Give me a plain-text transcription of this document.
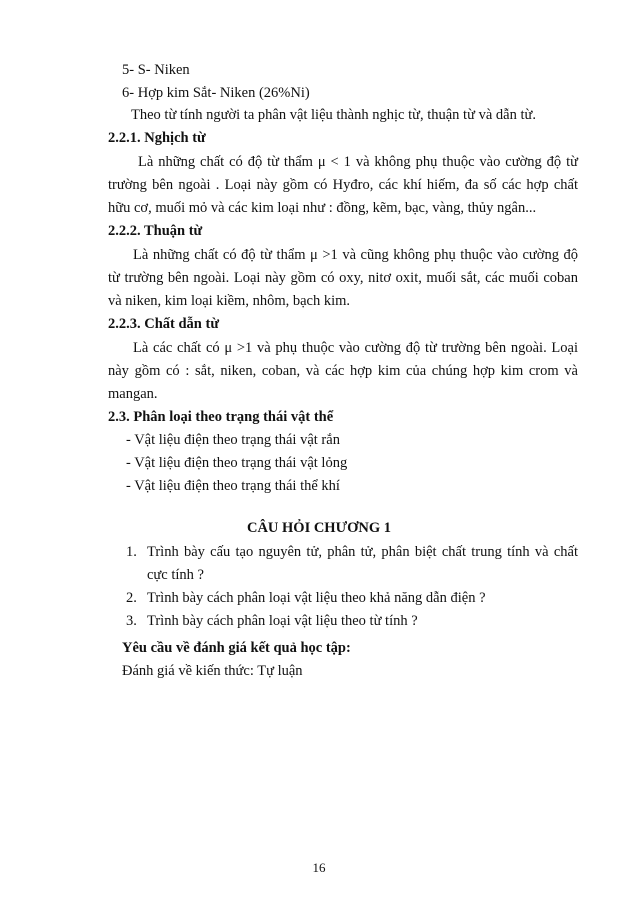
5- S- Niken
6- Hợp kim Sắt- Niken (26%Ni)
Theo từ tính người ta phân vật liệu thành nghịc từ, thuận từ và dẫn từ.
2.2.1. Nghịch từ
Là những chất có độ từ thẩm μ < 1 và không phụ thuộc vào cường độ từ
trường bên ngoài . Loại này gồm có Hyđro, các khí hiếm, đa số các hợp chất
hữu cơ, muối mỏ và các kim loại như : đồng, kẽm, bạc, vàng, thủy ngân...
2.2.2. Thuận từ
Là những chất có độ từ thẩm μ >1 và cũng không phụ thuộc vào cường độ
từ trường bên ngoài. Loại này gồm có oxy, nitơ oxit, muối sắt, các muối coban
và niken, kim loại kiềm, nhôm, bạch kim.
2.2.3. Chất dẫn từ
Là các chất có μ >1 và phụ thuộc vào cường độ từ trường bên ngoài. Loại
này gồm có : sắt, niken, coban, và các hợp kim của chúng hợp kim crom và
mangan.
2.3. Phân loại theo trạng thái vật thể
- Vật liệu điện theo trạng thái vật rắn
- Vật liệu điện theo trạng thái vật lỏng
- Vật liệu điện theo trạng thái thể khí
CÂU HỎI CHƯƠNG 1
1. Trình bày cấu tạo nguyên tử, phân tử, phân biệt chất trung tính và chất
cực tính ?
2. Trình bày cách phân loại vật liệu theo khả năng dẫn điện ?
3. Trình bày cách phân loại vật liệu theo từ tính ?
Yêu cầu về đánh giá kết quả học tập:
Đánh giá về kiến thức: Tự luận
16
